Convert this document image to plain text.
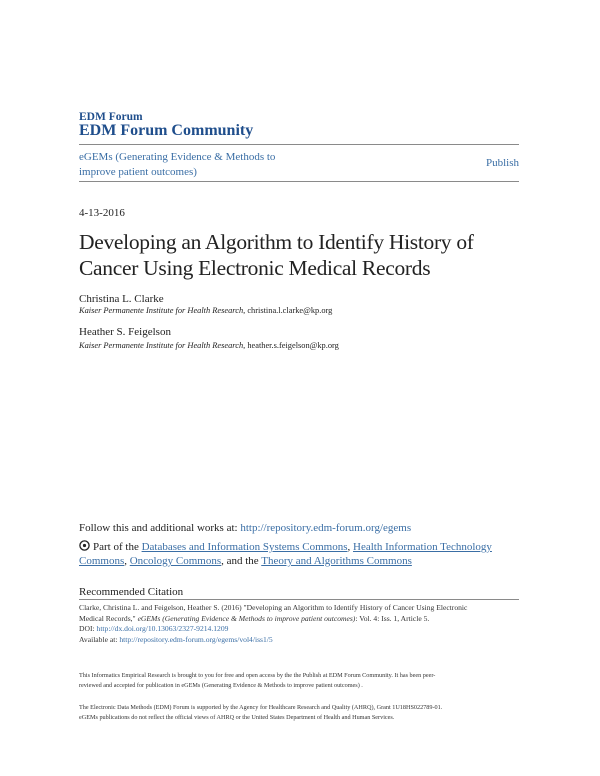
EDM Forum
EDM Forum Community
eGEMs (Generating Evidence & Methods to
improve patient outcomes)
Publish
4-13-2016
Developing an Algorithm to Identify History of
Cancer Using Electronic Medical Records
Christina L. Clarke
Kaiser Permanente Institute for Health Research, christina.l.clarke@kp.org
Heather S. Feigelson
Kaiser Permanente Institute for Health Research, heather.s.feigelson@kp.org
Follow this and additional works at: http://repository.edm-forum.org/egems
Part of the Databases and Information Systems Commons, Health Information Technology
Commons, Oncology Commons, and the Theory and Algorithms Commons
Recommended Citation
Clarke, Christina L. and Feigelson, Heather S. (2016) "Developing an Algorithm to Identify History of Cancer Using Electronic
Medical Records," eGEMs (Generating Evidence & Methods to improve patient outcomes): Vol. 4: Iss. 1, Article 5.
DOI: http://dx.doi.org/10.13063/2327-9214.1209
Available at: http://repository.edm-forum.org/egems/vol4/iss1/5
This Informatics Empirical Research is brought to you for free and open access by the the Publish at EDM Forum Community. It has been peer-
reviewed and accepted for publication in eGEMs (Generating Evidence & Methods to improve patient outcomes) .
The Electronic Data Methods (EDM) Forum is supported by the Agency for Healthcare Research and Quality (AHRQ), Grant 1U18HS022789-01.
eGEMs publications do not reflect the official views of AHRQ or the United States Department of Health and Human Services.
